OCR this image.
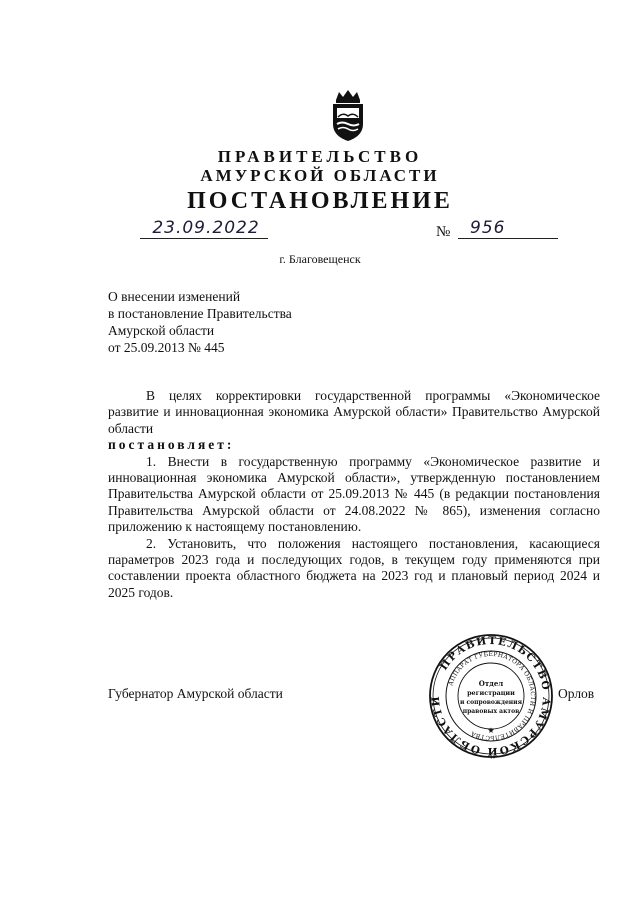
ПРАВИТЕЛЬСТВО
АМУРСКОЙ ОБЛАСТИ
ПОСТАНОВЛЕНИЕ
23.09.2022	№ 956
г. Благовещенск
О внесении изменений
в постановление Правительства
Амурской области
от 25.09.2013 № 445

В целях корректировки государственной программы «Экономическое развитие и инновационная экономика Амурской области» Правительство Амурской области

постановляет:

1. Внести в государственную программу «Экономическое развитие и инновационная экономика Амурской области», утвержденную постановлением Правительства Амурской области от 25.09.2013 № 445 (в редакции постановления Правительства Амурской области от 24.08.2022 № 865), изменения согласно приложению к настоящему постановлению.

2. Установить, что положения настоящего постановления, касающиеся параметров 2023 года и последующих годов, в текущем году применяются при составлении проекта областного бюджета на 2023 год и плановый период 2024 и 2025 годов.

Губернатор Амурской области
ПРАВИТЕЛЬСТВО АМУРСКОЙ ОБЛАСТИ
АППАРАТ ГУБЕРНАТОРА ОБЛАСТИ И ПРАВИТЕЛЬСТВА
Отдел
регистрации
и сопровождения
правовых актов
★
Орлов
